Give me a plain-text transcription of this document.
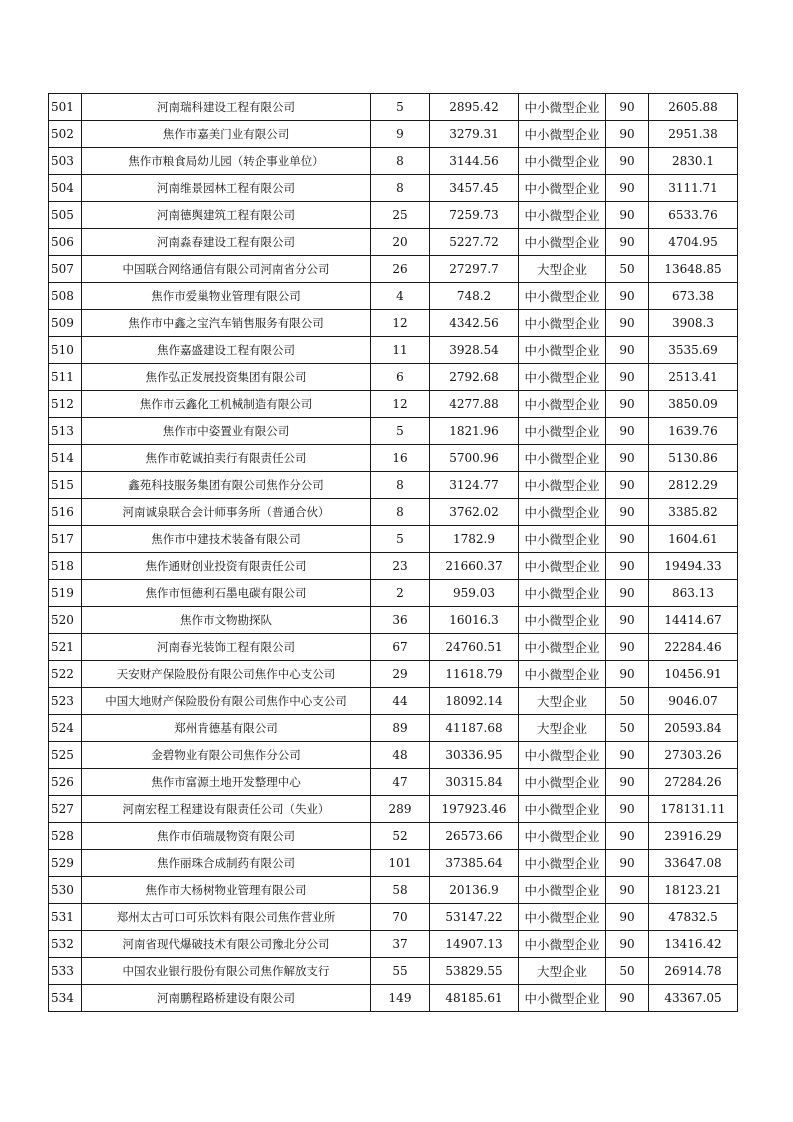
501	河南瑞科建设工程有限公司	5	2895.42	中小微型企业	90	2605.88
502	焦作市嘉美门业有限公司	9	3279.31	中小微型企业	90	2951.38
503	焦作市粮食局幼儿园（转企事业单位）	8	3144.56	中小微型企业	90	2830.1
504	河南维景园林工程有限公司	8	3457.45	中小微型企业	90	3111.71
505	河南德舆建筑工程有限公司	25	7259.73	中小微型企业	90	6533.76
506	河南淼春建设工程有限公司	20	5227.72	中小微型企业	90	4704.95
507	中国联合网络通信有限公司河南省分公司	26	27297.7	大型企业	50	13648.85
508	焦作市爱巢物业管理有限公司	4	748.2	中小微型企业	90	673.38
509	焦作市中鑫之宝汽车销售服务有限公司	12	4342.56	中小微型企业	90	3908.3
510	焦作嘉盛建设工程有限公司	11	3928.54	中小微型企业	90	3535.69
511	焦作弘正发展投资集团有限公司	6	2792.68	中小微型企业	90	2513.41
512	焦作市云鑫化工机械制造有限公司	12	4277.88	中小微型企业	90	3850.09
513	焦作市中姿置业有限公司	5	1821.96	中小微型企业	90	1639.76
514	焦作市乾诚拍卖行有限责任公司	16	5700.96	中小微型企业	90	5130.86
515	鑫苑科技服务集团有限公司焦作分公司	8	3124.77	中小微型企业	90	2812.29
516	河南诚泉联合会计师事务所（普通合伙）	8	3762.02	中小微型企业	90	3385.82
517	焦作市中建技术装备有限公司	5	1782.9	中小微型企业	90	1604.61
518	焦作通财创业投资有限责任公司	23	21660.37	中小微型企业	90	19494.33
519	焦作市恒德利石墨电碳有限公司	2	959.03	中小微型企业	90	863.13
520	焦作市文物勘探队	36	16016.3	中小微型企业	90	14414.67
521	河南春光装饰工程有限公司	67	24760.51	中小微型企业	90	22284.46
522	天安财产保险股份有限公司焦作中心支公司	29	11618.79	中小微型企业	90	10456.91
523	中国大地财产保险股份有限公司焦作中心支公司	44	18092.14	大型企业	50	9046.07
524	郑州肯德基有限公司	89	41187.68	大型企业	50	20593.84
525	金碧物业有限公司焦作分公司	48	30336.95	中小微型企业	90	27303.26
526	焦作市富源土地开发整理中心	47	30315.84	中小微型企业	90	27284.26
527	河南宏程工程建设有限责任公司（失业）	289	197923.46	中小微型企业	90	178131.11
528	焦作市佰瑞晟物资有限公司	52	26573.66	中小微型企业	90	23916.29
529	焦作丽珠合成制药有限公司	101	37385.64	中小微型企业	90	33647.08
530	焦作市大杨树物业管理有限公司	58	20136.9	中小微型企业	90	18123.21
531	郑州太古可口可乐饮料有限公司焦作营业所	70	53147.22	中小微型企业	90	47832.5
532	河南省现代爆破技术有限公司豫北分公司	37	14907.13	中小微型企业	90	13416.42
533	中国农业银行股份有限公司焦作解放支行	55	53829.55	大型企业	50	26914.78
534	河南鹏程路桥建设有限公司	149	48185.61	中小微型企业	90	43367.05
